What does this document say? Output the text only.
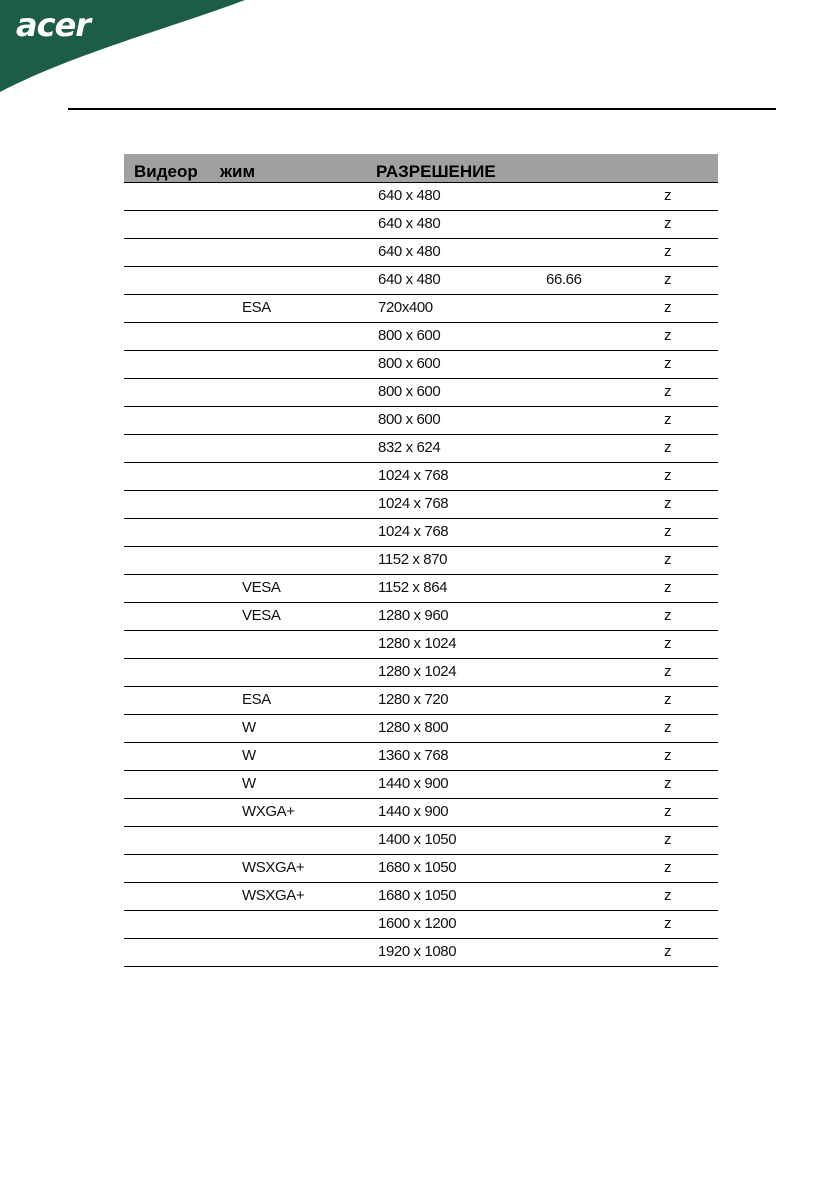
acer
Видеор жим	РАЗРЕШЕНИЕ
640 x 480	z
640 x 480	z
640 x 480	z
640 x 480	66.66	z
ESA	720x400	z
800 x 600	z
800 x 600	z
800 x 600	z
800 x 600	z
832 x 624	z
1024 x 768	z
1024 x 768	z
1024 x 768	z
1152 x 870	z
VESA	1152 x 864	z
VESA	1280 x 960	z
1280 x 1024	z
1280 x 1024	z
ESA	1280 x 720	z
W	1280 x 800	z
W	1360 x 768	z
W	1440 x 900	z
WXGA+	1440 x 900	z
1400 x 1050	z
WSXGA+	1680 x 1050	z
WSXGA+	1680 x 1050	z
1600 x 1200	z
1920 x 1080	z
